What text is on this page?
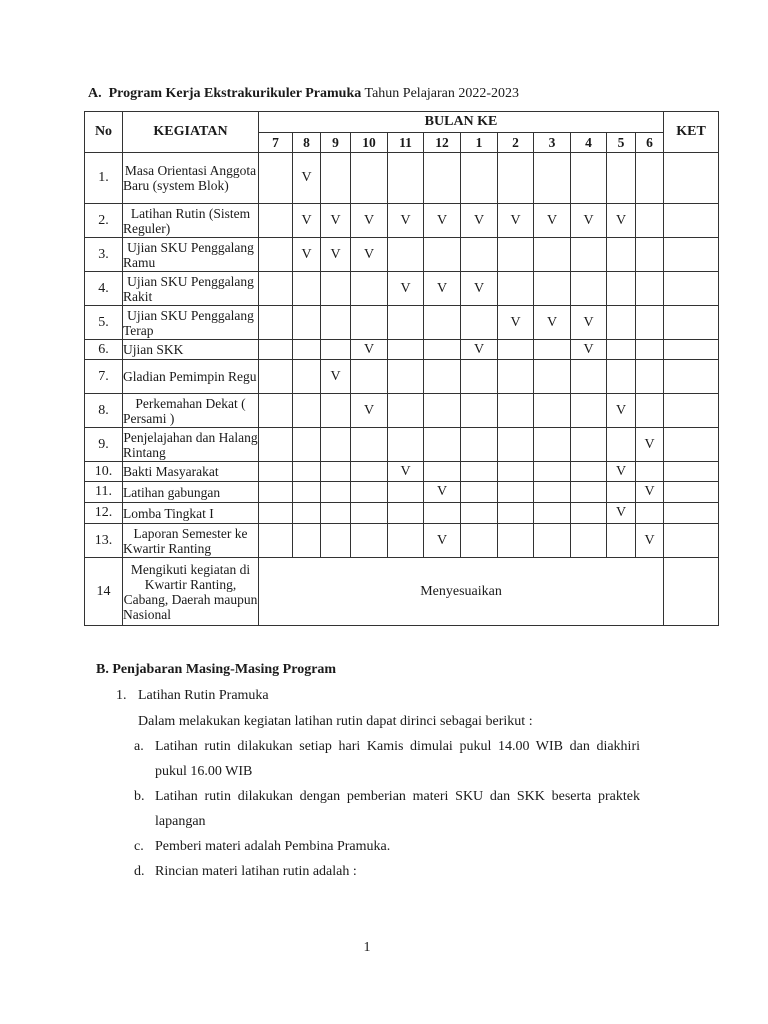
A. Program Kerja Ekstrakurikuler Pramuka Tahun Pelajaran 2022-2023
No	KEGIATAN	BULAN KE												KET
		7	8	9	10	11	12	1	2	3	4	5	6	
1.	Masa Orientasi Anggota Baru (system Blok)		V											
2.	Latihan Rutin (Sistem Reguler)		V	V	V	V	V	V	V	V	V	V		
3.	Ujian SKU Penggalang Ramu		V	V	V									
4.	Ujian SKU Penggalang Rakit					V	V	V						
5.	Ujian SKU Penggalang Terap								V	V	V			
6.	Ujian SKK				V			V			V			
7.	Gladian Pemimpin Regu			V										
8.	Perkemahan Dekat ( Persami )				V							V		
9.	Penjelajahan dan Halang Rintang												V	
10.	Bakti Masyarakat					V						V		
11.	Latihan gabungan						V						V	
12.	Lomba Tingkat I											V		
13.	Laporan Semester ke Kwartir Ranting						V						V	
14	Mengikuti kegiatan di Kwartir Ranting, Cabang, Daerah maupun Nasional	Menyesuaikan												
B. Penjabaran Masing-Masing Program
1. Latihan Rutin Pramuka
Dalam melakukan kegiatan latihan rutin dapat dirinci sebagai berikut :
a. Latihan rutin dilakukan setiap hari Kamis dimulai pukul 14.00 WIB dan diakhiri pukul 16.00 WIB
b. Latihan rutin dilakukan dengan pemberian materi SKU dan SKK beserta praktek lapangan
c. Pemberi materi adalah Pembina Pramuka.
d. Rincian materi latihan rutin adalah :
1
